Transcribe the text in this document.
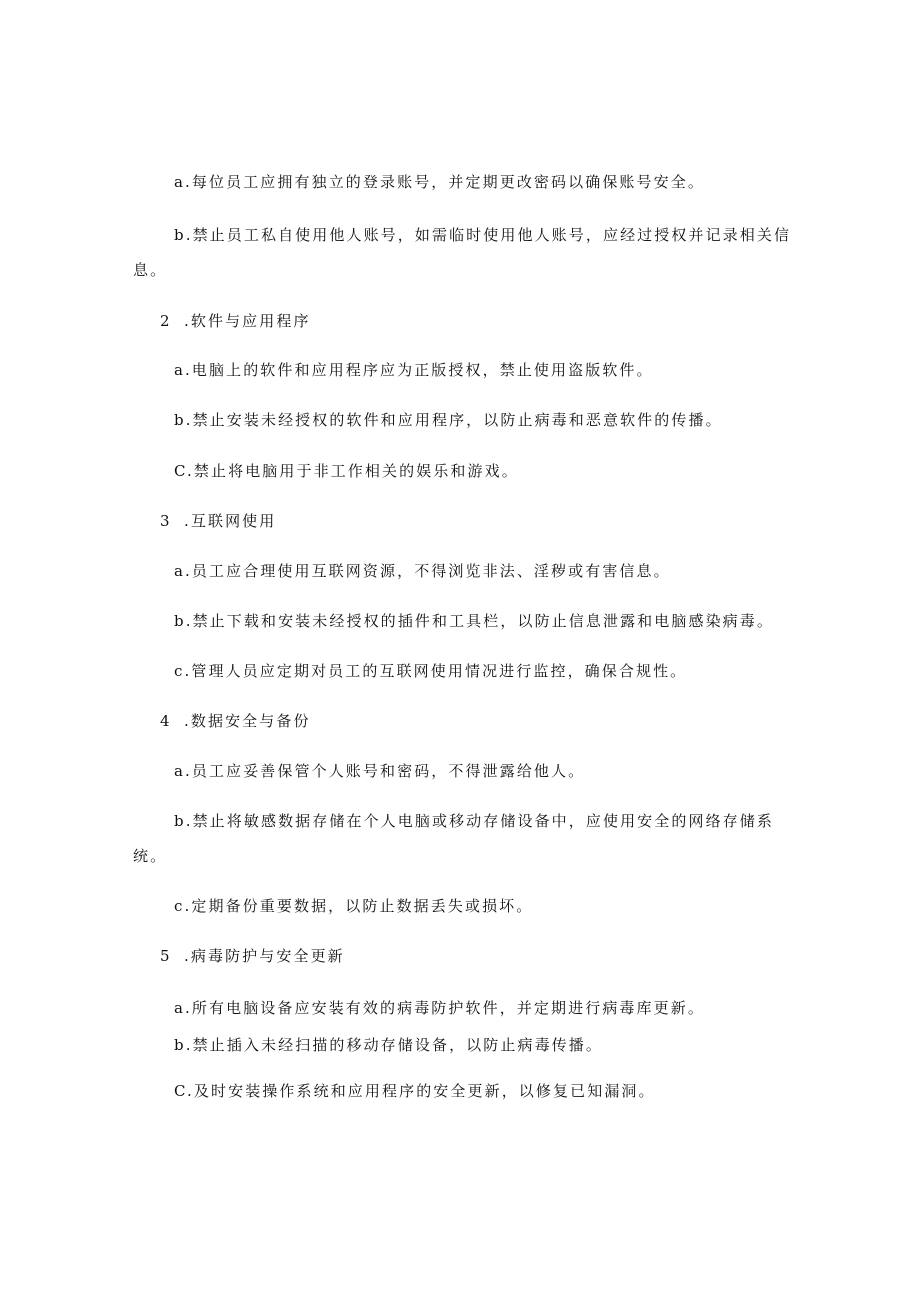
a.每位员工应拥有独立的登录账号，并定期更改密码以确保账号安全。
b.禁止员工私自使用他人账号，如需临时使用他人账号，应经过授权并记录相关信
息。
2 .软件与应用程序
a.电脑上的软件和应用程序应为正版授权，禁止使用盗版软件。
b.禁止安装未经授权的软件和应用程序，以防止病毒和恶意软件的传播。
C.禁止将电脑用于非工作相关的娱乐和游戏。
3 .互联网使用
a.员工应合理使用互联网资源，不得浏览非法、淫秽或有害信息。
b.禁止下载和安装未经授权的插件和工具栏，以防止信息泄露和电脑感染病毒。
c.管理人员应定期对员工的互联网使用情况进行监控，确保合规性。
4 .数据安全与备份
a.员工应妥善保管个人账号和密码，不得泄露给他人。
b.禁止将敏感数据存储在个人电脑或移动存储设备中，应使用安全的网络存储系
统。
c.定期备份重要数据，以防止数据丢失或损坏。
5 .病毒防护与安全更新
a.所有电脑设备应安装有效的病毒防护软件，并定期进行病毒库更新。
b.禁止插入未经扫描的移动存储设备，以防止病毒传播。
C.及时安装操作系统和应用程序的安全更新，以修复已知漏洞。
